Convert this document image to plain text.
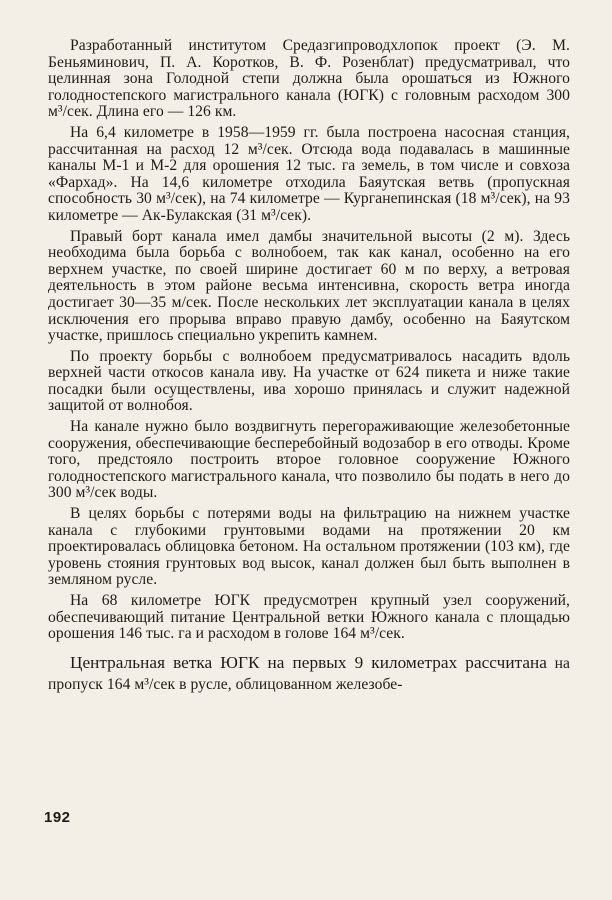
Разработанный институтом Средазгипроводхлопок проект (Э. М. Беньяминович, П. А. Коротков, В. Ф. Розенблат) предусматривал, что целинная зона Голодной степи должна была орошаться из Южного голодностепского магистрального канала (ЮГК) с головным расходом 300 м³/сек. Длина его — 126 км.

На 6,4 километре в 1958—1959 гг. была построена насосная станция, рассчитанная на расход 12 м³/сек. Отсюда вода подавалась в машинные каналы М-1 и М-2 для орошения 12 тыс. га земель, в том числе и совхоза «Фархад». На 14,6 километре отходила Баяутская ветвь (пропускная способность 30 м³/сек), на 74 километре — Курганепинская (18 м³/сек), на 93 километре — Ак-Булакская (31 м³/сек).

Правый борт канала имел дамбы значительной высоты (2 м). Здесь необходима была борьба с волнобоем, так как канал, особенно на его верхнем участке, по своей ширине достигает 60 м по верху, а ветровая деятельность в этом районе весьма интенсивна, скорость ветра иногда достигает 30—35 м/сек. После нескольких лет эксплуатации канала в целях исключения его прорыва вправо правую дамбу, особенно на Баяутском участке, пришлось специально укрепить камнем.

По проекту борьбы с волнобоем предусматривалось насадить вдоль верхней части откосов канала иву. На участке от 624 пикета и ниже такие посадки были осуществлены, ива хорошо принялась и служит надежной защитой от волнобоя.

На канале нужно было воздвигнуть перегораживающие железобетонные сооружения, обеспечивающие бесперебойный водозабор в его отводы. Кроме того, предстояло построить второе головное сооружение Южного голодностепского магистрального канала, что позволило бы подать в него до 300 м³/сек воды.

В целях борьбы с потерями воды на фильтрацию на нижнем участке канала с глубокими грунтовыми водами на протяжении 20 км проектировалась облицовка бетоном. На остальном протяжении (103 км), где уровень стояния грунтовых вод высок, канал должен был быть выполнен в земляном русле.

На 68 километре ЮГК предусмотрен крупный узел сооружений, обеспечивающий питание Центральной ветки Южного канала с площадью орошения 146 тыс. га и расходом в голове 164 м³/сек.

Центральная ветка ЮГК на первых 9 километрах рассчитана на пропуск 164 м³/сек в русле, облицованном железобе-

192
